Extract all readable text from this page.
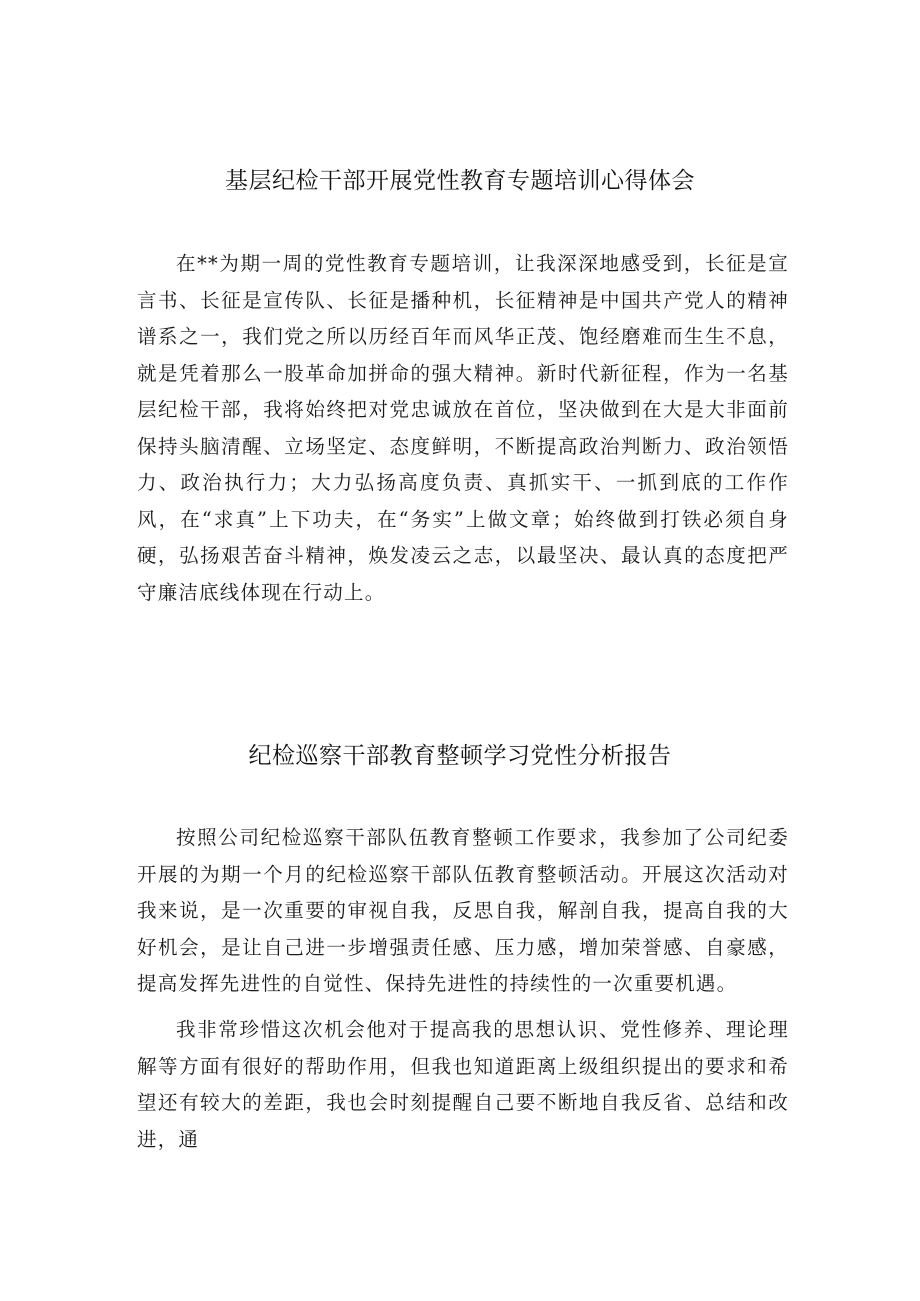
基层纪检干部开展党性教育专题培训心得体会

在**为期一周的党性教育专题培训，让我深深地感受到，长征是宣言书、长征是宣传队、长征是播种机，长征精神是中国共产党人的精神谱系之一，我们党之所以历经百年而风华正茂、饱经磨难而生生不息，就是凭着那么一股革命加拼命的强大精神。新时代新征程，作为一名基层纪检干部，我将始终把对党忠诚放在首位，坚决做到在大是大非面前保持头脑清醒、立场坚定、态度鲜明，不断提高政治判断力、政治领悟力、政治执行力；大力弘扬高度负责、真抓实干、一抓到底的工作作风，在“求真”上下功夫，在“务实”上做文章；始终做到打铁必须自身硬，弘扬艰苦奋斗精神，焕发凌云之志，以最坚决、最认真的态度把严守廉洁底线体现在行动上。

纪检巡察干部教育整顿学习党性分析报告

按照公司纪检巡察干部队伍教育整顿工作要求，我参加了公司纪委开展的为期一个月的纪检巡察干部队伍教育整顿活动。开展这次活动对我来说，是一次重要的审视自我，反思自我，解剖自我，提高自我的大好机会，是让自己进一步增强责任感、压力感，增加荣誉感、自豪感，提高发挥先进性的自觉性、保持先进性的持续性的一次重要机遇。

我非常珍惜这次机会他对于提高我的思想认识、党性修养、理论理解等方面有很好的帮助作用，但我也知道距离上级组织提出的要求和希望还有较大的差距，我也会时刻提醒自己要不断地自我反省、总结和改进，通
